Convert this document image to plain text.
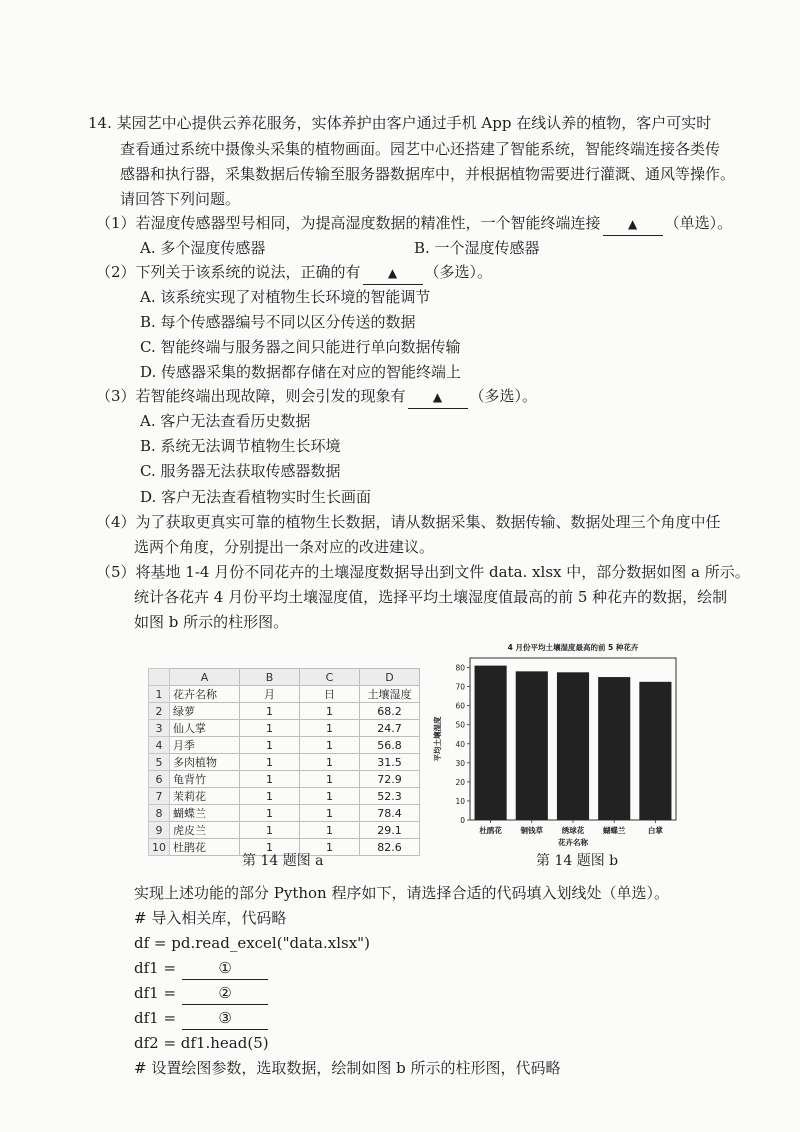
14. 某园艺中心提供云养花服务，实体养护由客户通过手机 App 在线认养的植物，客户可实时
查看通过系统中摄像头采集的植物画面。园艺中心还搭建了智能系统，智能终端连接各类传
感器和执行器，采集数据后传输至服务器数据库中，并根据植物需要进行灌溉、通风等操作。
请回答下列问题。
（1）若湿度传感器型号相同，为提高湿度数据的精准性，一个智能终端连接 ▲ （单选）。
A. 多个湿度传感器	B. 一个湿度传感器
（2）下列关于该系统的说法，正确的有 ▲ （多选）。
A. 该系统实现了对植物生长环境的智能调节
B. 每个传感器编号不同以区分传送的数据
C. 智能终端与服务器之间只能进行单向数据传输
D. 传感器采集的数据都存储在对应的智能终端上
（3）若智能终端出现故障，则会引发的现象有 ▲ （多选）。
A. 客户无法查看历史数据
B. 系统无法调节植物生长环境
C. 服务器无法获取传感器数据
D. 客户无法查看植物实时生长画面
（4）为了获取更真实可靠的植物生长数据，请从数据采集、数据传输、数据处理三个角度中任
选两个角度，分别提出一条对应的改进建议。
（5）将基地 1-4 月份不同花卉的土壤湿度数据导出到文件 data. xlsx 中，部分数据如图 a 所示。
统计各花卉 4 月份平均土壤湿度值，选择平均土壤湿度值最高的前 5 种花卉的数据，绘制
如图 b 所示的柱形图。
	A	B	C	D
1	花卉名称	月	日	土壤湿度
2	绿萝	1	1	68.2
3	仙人掌	1	1	24.7
4	月季	1	1	56.8
5	多肉植物	1	1	31.5
6	龟背竹	1	1	72.9
7	茉莉花	1	1	52.3
8	蝴蝶兰	1	1	78.4
9	虎皮兰	1	1	29.1
10	杜鹃花	1	1	82.6
第 14 题图 a
4 月份平均土壤湿度最高的前 5 种花卉
0
10
20
30
40
50
60
70
80
杜鹃花 铜钱草 绣球花 蝴蝶兰	白掌
花卉名称
平均土壤湿度
第 14 题图 b
实现上述功能的部分 Python 程序如下，请选择合适的代码填入划线处（单选）。
# 导入相关库，代码略
df = pd.read_excel("data.xlsx")
df1 =	①
df1 =	②
df1 =	③
df2 = df1.head(5)
# 设置绘图参数，选取数据，绘制如图 b 所示的柱形图，代码略
